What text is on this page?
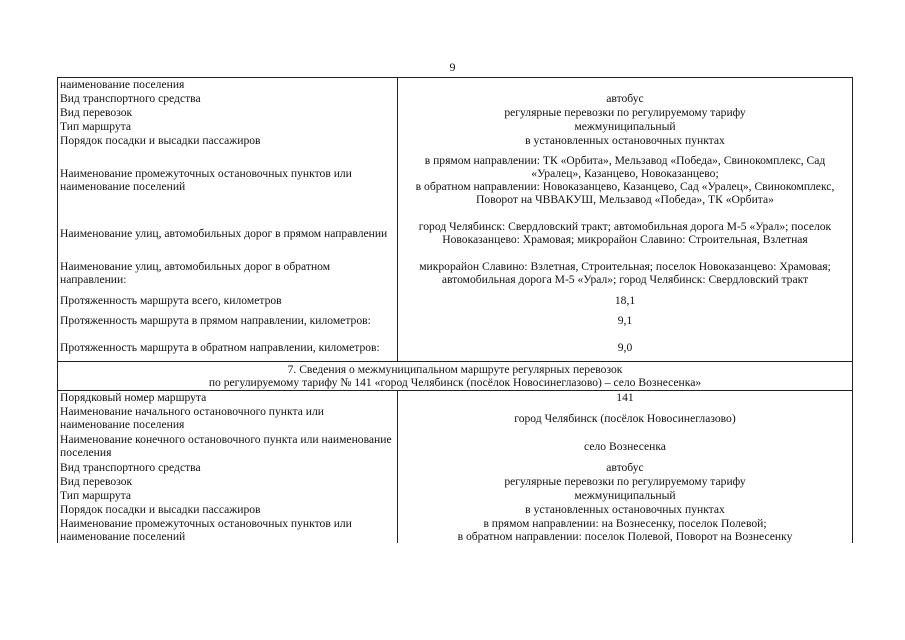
9
наименование поселения	
Вид транспортного средства	автобус
Вид перевозок	регулярные перевозки по регулируемому тарифу
Тип маршрута	межмуниципальный
Порядок посадки и высадки пассажиров	в установленных остановочных пунктах
Наименование промежуточных остановочных пунктов или наименование поселений	в прямом направлении: ТК «Орбита», Мельзавод «Победа», Свинокомплекс, Сад «Уралец», Казанцево, Новоказанцево;
в обратном направлении: Новоказанцево, Казанцево, Сад «Уралец», Свинокомплекс, Поворот на ЧВВАКУШ, Мельзавод «Победа», ТК «Орбита»

Наименование улиц, автомобильных дорог в прямом направлении	город Челябинск: Свердловский тракт; автомобильная дорога М-5 «Урал»; поселок Новоказанцево: Храмовая; микрорайон Славино: Строительная, Взлетная
Наименование улиц, автомобильных дорог в обратном направлении:	микрорайон Славино: Взлетная, Строительная; поселок Новоказанцево: Храмовая; автомобильная дорога М-5 «Урал»; город Челябинск: Свердловский тракт
Протяженность маршрута всего, километров	18,1
Протяженность маршрута в прямом направлении, километров:	9,1
Протяженность маршрута в обратном направлении, километров:	9,0

7. Сведения о межмуниципальном маршруте регулярных перевозок
по регулируемому тарифу № 141 «город Челябинск (посёлок Новосинеглазово) – село Вознесенка»	

Порядковый номер маршрута	141
Наименование начального остановочного пункта или наименование поселения	город Челябинск (посёлок Новосинеглазово)
Наименование конечного остановочного пункта или наименование поселения	село Вознесенка
Вид транспортного средства	автобус
Вид перевозок	регулярные перевозки по регулируемому тарифу
Тип маршрута	межмуниципальный
Порядок посадки и высадки пассажиров	в установленных остановочных пунктах
Наименование промежуточных остановочных пунктов или наименование поселений	в прямом направлении: на Вознесенку, поселок Полевой;
в обратном направлении: поселок Полевой, Поворот на Вознесенку
